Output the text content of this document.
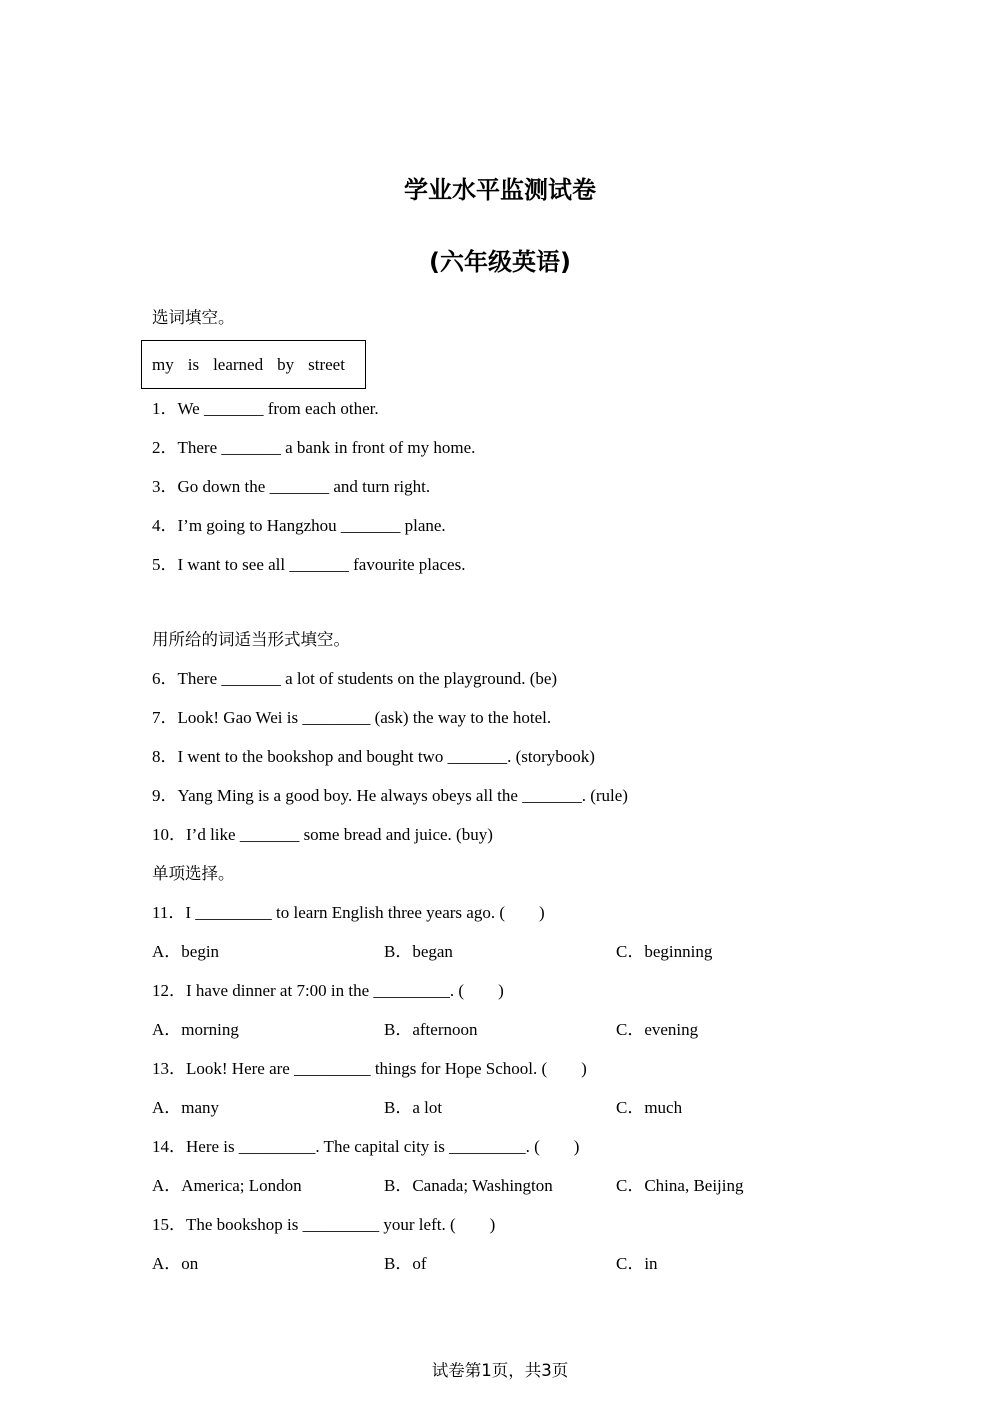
学业水平监测试卷
(六年级英语)
选词填空。
my is learned by street
1．We _______ from each other.
2．There _______ a bank in front of my home.
3．Go down the _______ and turn right.
4．I’m going to Hangzhou _______ plane.
5．I want to see all _______ favourite places.
用所给的词适当形式填空。
6．There _______ a lot of students on the playground. (be)
7．Look! Gao Wei is ________ (ask) the way to the hotel.
8．I went to the bookshop and bought two _______. (storybook)
9．Yang Ming is a good boy. He always obeys all the _______. (rule)
10．I’d like _______ some bread and juice. (buy)
单项选择。
11．I _________ to learn English three years ago. (　　)
A．begin	B．began	C．beginning
12．I have dinner at 7:00 in the _________. (　　)
A．morning	B．afternoon	C．evening
13．Look! Here are _________ things for Hope School. (　　)
A．many	B．a lot	C．much
14．Here is _________. The capital city is _________. (　　)
A．America; London	B．Canada; Washington	C．China, Beijing
15．The bookshop is _________ your left. (　　)
A．on	B．of	C．in
试卷第1页，共3页
